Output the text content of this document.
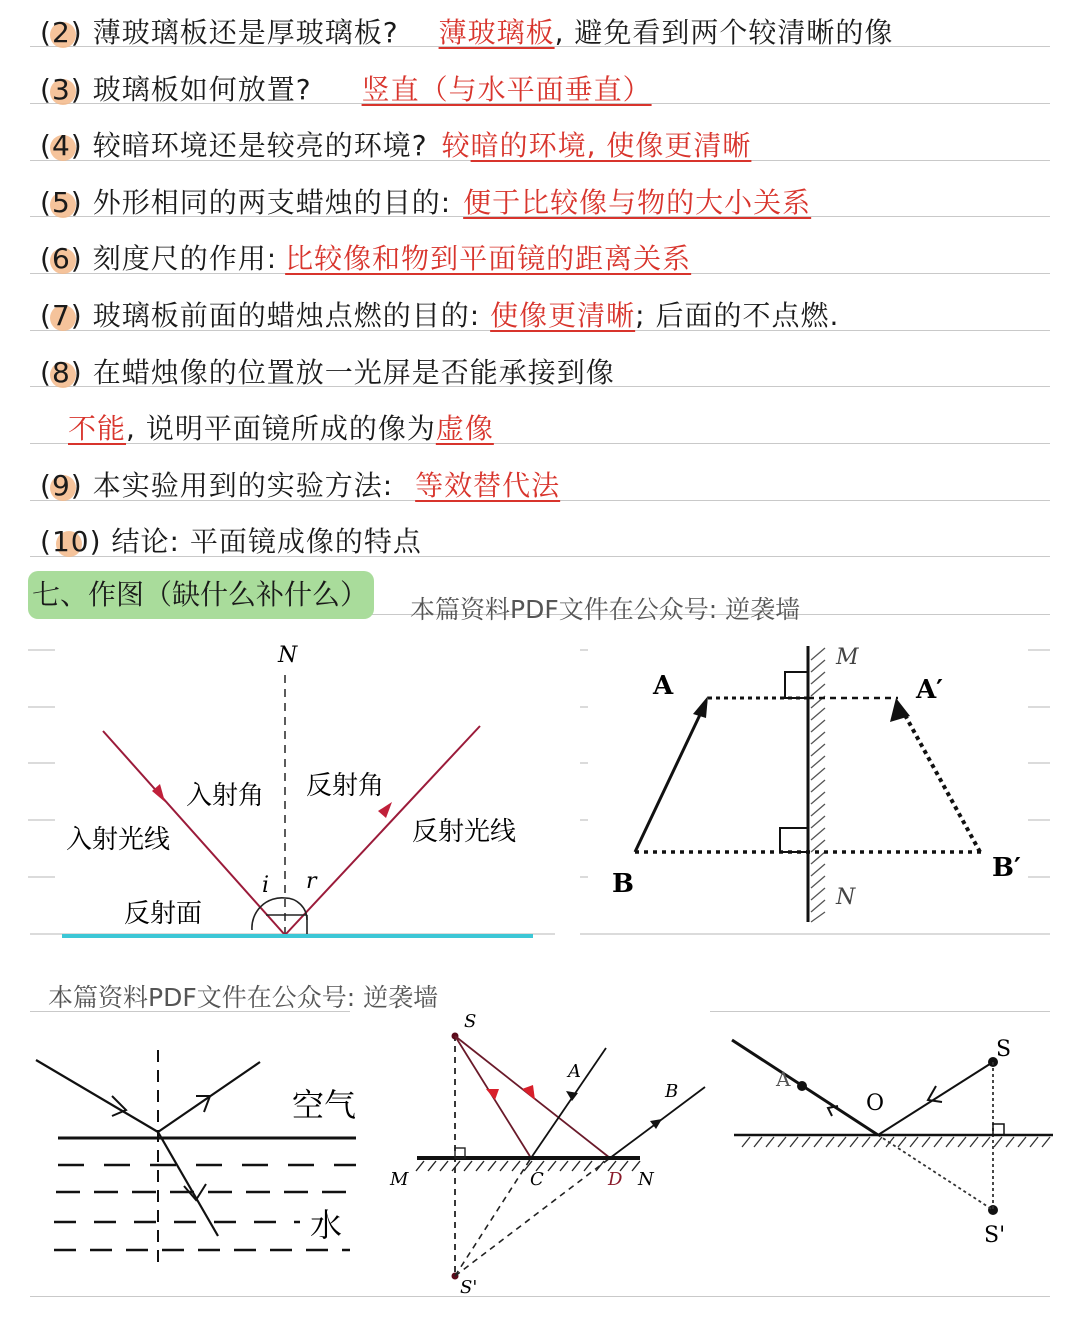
(2) 薄玻璃板还是厚玻璃板? 薄玻璃板 , 避免看到两个较清晰的像
(3) 玻璃板如何放置? 竖直（与水平面垂直）
(4) 较暗环境还是较亮的环境? 较 暗的环境, 使像更清晰
(5) 外形相同的两支蜡烛的目的: 便于比较像与物的大小关系
(6) 刻度尺的作用: 比较像和物到平面镜的距离关系
(7) 玻璃板前面的蜡烛点燃的目的: 使像更清晰 ; 后面的不点燃.
(8) 在蜡烛像的位置放一光屏是否能承接到像
不能 , 说明平面镜所成的像为 虚像
(9) 本实验用到的实验方法: 等效替代法
(10) 结论: 平面镜成像的特点
七、作图（缺什么补什么） 本篇资料PDF文件在公众号: 逆袭墙
N
入射角 反射角
入射光线	反射光线
反射面
i r
A	A′
B
B′
M
N
本篇资料PDF文件在公众号: 逆袭墙
空气
水
S
S'
A
B
M	C	D N
O
S
S'
A
